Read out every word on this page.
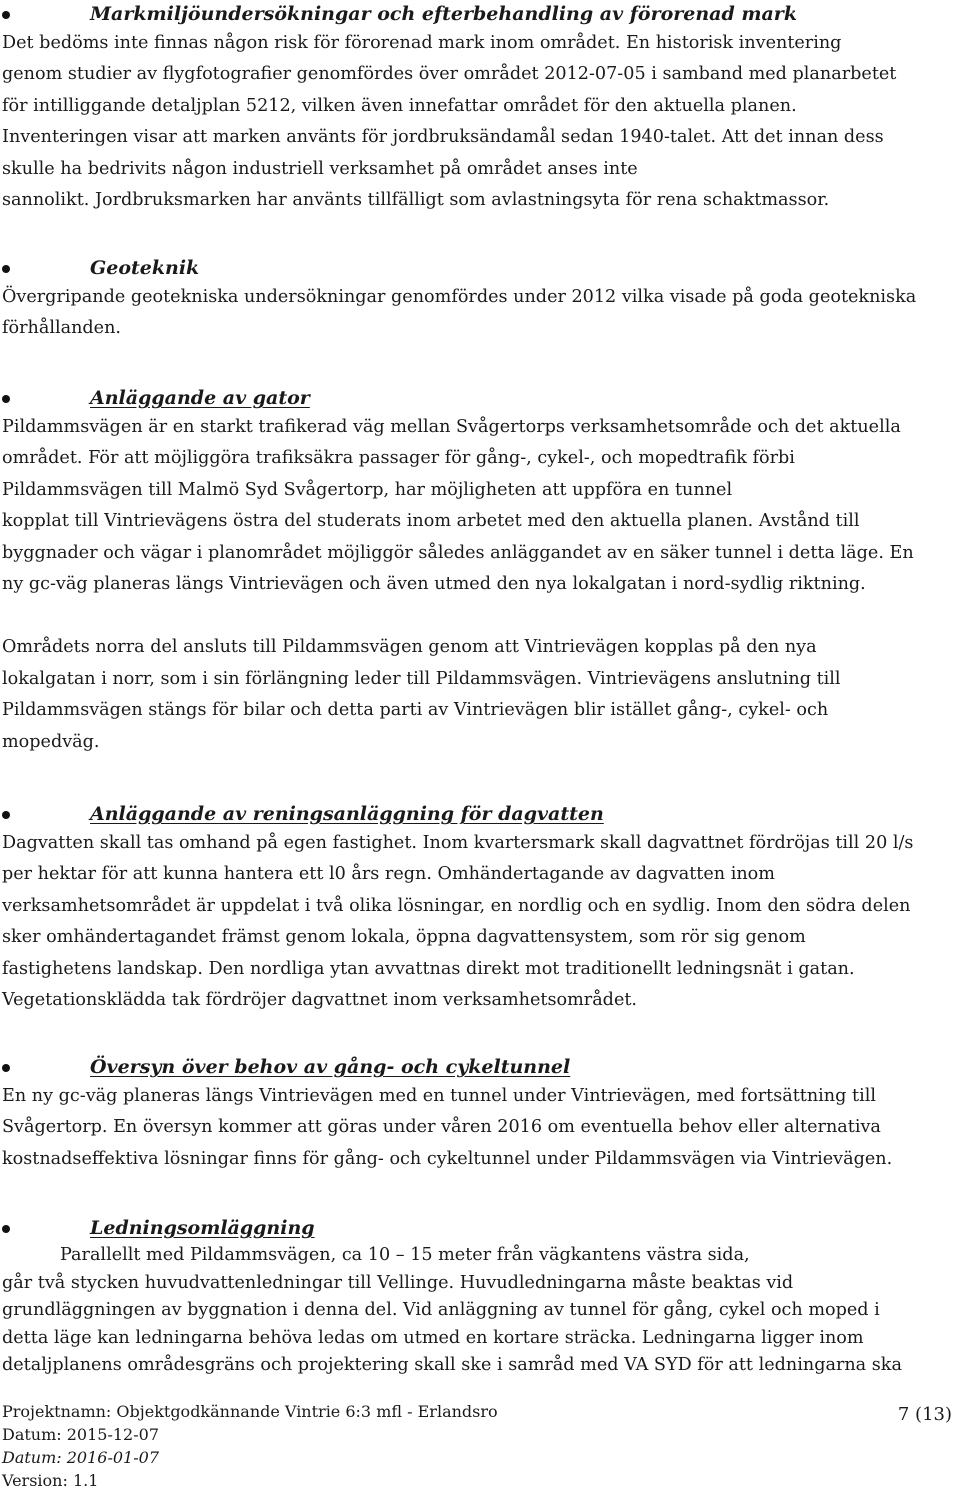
Markmiljöundersökningar och efterbehandling av förorenad mark
Det bedöms inte finnas någon risk för förorenad mark inom området. En historisk inventering
genom studier av flygfotografier genomfördes över området 2012-07-05 i samband med planarbetet
för intilliggande detaljplan 5212, vilken även innefattar området för den aktuella planen.
Inventeringen visar att marken använts för jordbruksändamål sedan 1940-talet. Att det innan dess
skulle ha bedrivits någon industriell verksamhet på området anses inte
sannolikt. Jordbruksmarken har använts tillfälligt som avlastningsyta för rena schaktmassor.
Geoteknik
Övergripande geotekniska undersökningar genomfördes under 2012 vilka visade på goda geotekniska
förhållanden.
Anläggande av gator
Pildammsvägen är en starkt trafikerad väg mellan Svågertorps verksamhetsområde och det aktuella
området. För att möjliggöra trafiksäkra passager för gång-, cykel-, och mopedtrafik förbi
Pildammsvägen till Malmö Syd Svågertorp, har möjligheten att uppföra en tunnel
kopplat till Vintrievägens östra del studerats inom arbetet med den aktuella planen. Avstånd till
byggnader och vägar i planområdet möjliggör således anläggandet av en säker tunnel i detta läge. En
ny gc-väg planeras längs Vintrievägen och även utmed den nya lokalgatan i nord-sydlig riktning.
Områdets norra del ansluts till Pildammsvägen genom att Vintrievägen kopplas på den nya
lokalgatan i norr, som i sin förlängning leder till Pildammsvägen. Vintrievägens anslutning till
Pildammsvägen stängs för bilar och detta parti av Vintrievägen blir istället gång-, cykel- och
mopedväg.
Anläggande av reningsanläggning för dagvatten
Dagvatten skall tas omhand på egen fastighet. Inom kvartersmark skall dagvattnet fördröjas till 20 l/s
per hektar för att kunna hantera ett l0 års regn. Omhändertagande av dagvatten inom
verksamhetsområdet är uppdelat i två olika lösningar, en nordlig och en sydlig. Inom den södra delen
sker omhändertagandet främst genom lokala, öppna dagvattensystem, som rör sig genom
fastighetens landskap. Den nordliga ytan avvattnas direkt mot traditionellt ledningsnät i gatan.
Vegetationsklädda tak fördröjer dagvattnet inom verksamhetsområdet.
Översyn över behov av gång- och cykeltunnel
En ny gc-väg planeras längs Vintrievägen med en tunnel under Vintrievägen, med fortsättning till
Svågertorp. En översyn kommer att göras under våren 2016 om eventuella behov eller alternativa
kostnadseffektiva lösningar finns för gång- och cykeltunnel under Pildammsvägen via Vintrievägen.
Ledningsomläggning
Parallellt med Pildammsvägen, ca 10 – 15 meter från vägkantens västra sida,
går två stycken huvudvattenledningar till Vellinge. Huvudledningarna måste beaktas vid
grundläggningen av byggnation i denna del. Vid anläggning av tunnel för gång, cykel och moped i
detta läge kan ledningarna behöva ledas om utmed en kortare sträcka. Ledningarna ligger inom
detaljplanens områdesgräns och projektering skall ske i samråd med VA SYD för att ledningarna ska
Projektnamn: Objektgodkännande Vintrie 6:3 mfl - Erlandsro
Datum: 2015-12-07
Datum: 2016-01-07
Version: 1.1
7 (13)
